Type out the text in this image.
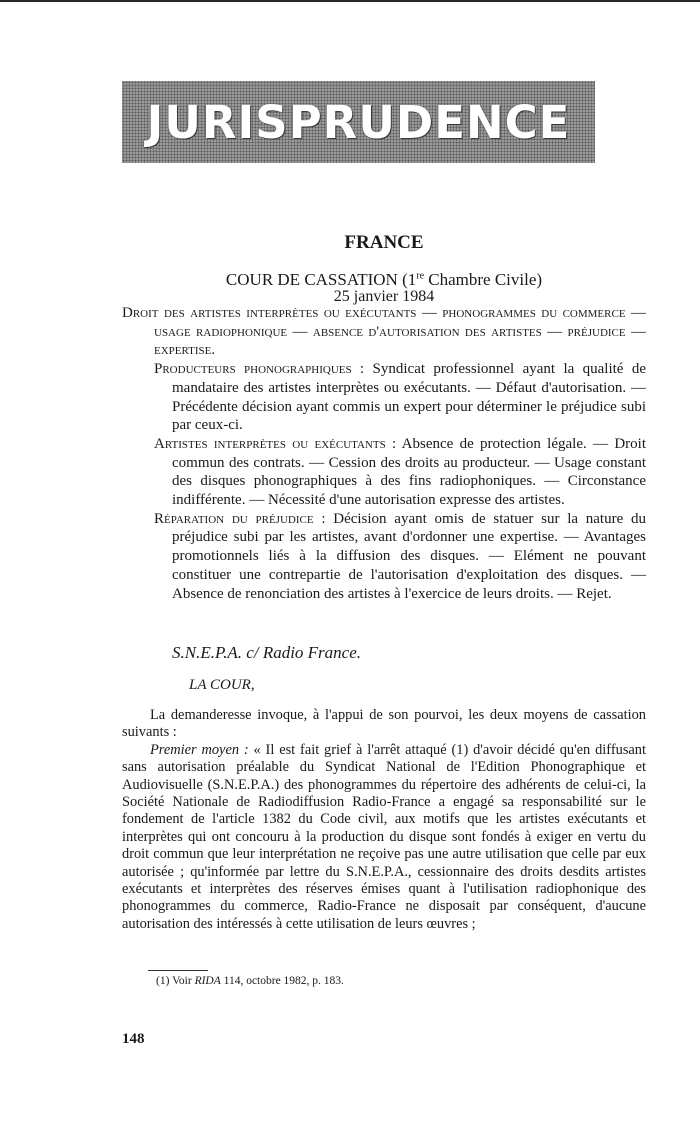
JURISPRUDENCE
FRANCE
COUR DE CASSATION (1re Chambre Civile)
25 janvier 1984

Droit des artistes interprètes ou exécutants — phonogrammes du commerce — usage radiophonique — absence d'autorisation des artistes — préjudice — expertise.

Producteurs phonographiques : Syndicat professionnel ayant la qualité de mandataire des artistes interprètes ou exécutants. — Défaut d'autorisation. — Précédente décision ayant commis un expert pour déterminer le préjudice subi par ceux-ci.

Artistes interprètes ou exécutants : Absence de protection légale. — Droit commun des contrats. — Cession des droits au producteur. — Usage constant des disques phonographiques à des fins radiophoniques. — Circonstance indifférente. — Nécessité d'une autorisation expresse des artistes.

Réparation du préjudice : Décision ayant omis de statuer sur la nature du préjudice subi par les artistes, avant d'ordonner une expertise. — Avantages promotionnels liés à la diffusion des disques. — Elément ne pouvant constituer une contrepartie de l'autorisation d'exploitation des disques. — Absence de renonciation des artistes à l'exercice de leurs droits. — Rejet.

S.N.E.P.A. c/ Radio France.
LA COUR,

La demanderesse invoque, à l'appui de son pourvoi, les deux moyens de cassation suivants :

Premier moyen : « Il est fait grief à l'arrêt attaqué (1) d'avoir décidé qu'en diffusant sans autorisation préalable du Syndicat National de l'Edition Phonographique et Audiovisuelle (S.N.E.P.A.) des phonogrammes du répertoire des adhérents de celui-ci, la Société Nationale de Radiodiffusion Radio-France a engagé sa responsabilité sur le fondement de l'article 1382 du Code civil, aux motifs que les artistes exécutants et interprètes qui ont concouru à la production du disque sont fondés à exiger en vertu du droit commun que leur interprétation ne reçoive pas une autre utilisation que celle par eux autorisée ; qu'informée par lettre du S.N.E.P.A., cessionnaire des droits desdits artistes exécutants et interprètes des réserves émises quant à l'utilisation radiophonique des phonogrammes du commerce, Radio-France ne disposait par conséquent, d'aucune autorisation des intéressés à cette utilisation de leurs œuvres ;

(1) Voir RIDA 114, octobre 1982, p. 183.
148
